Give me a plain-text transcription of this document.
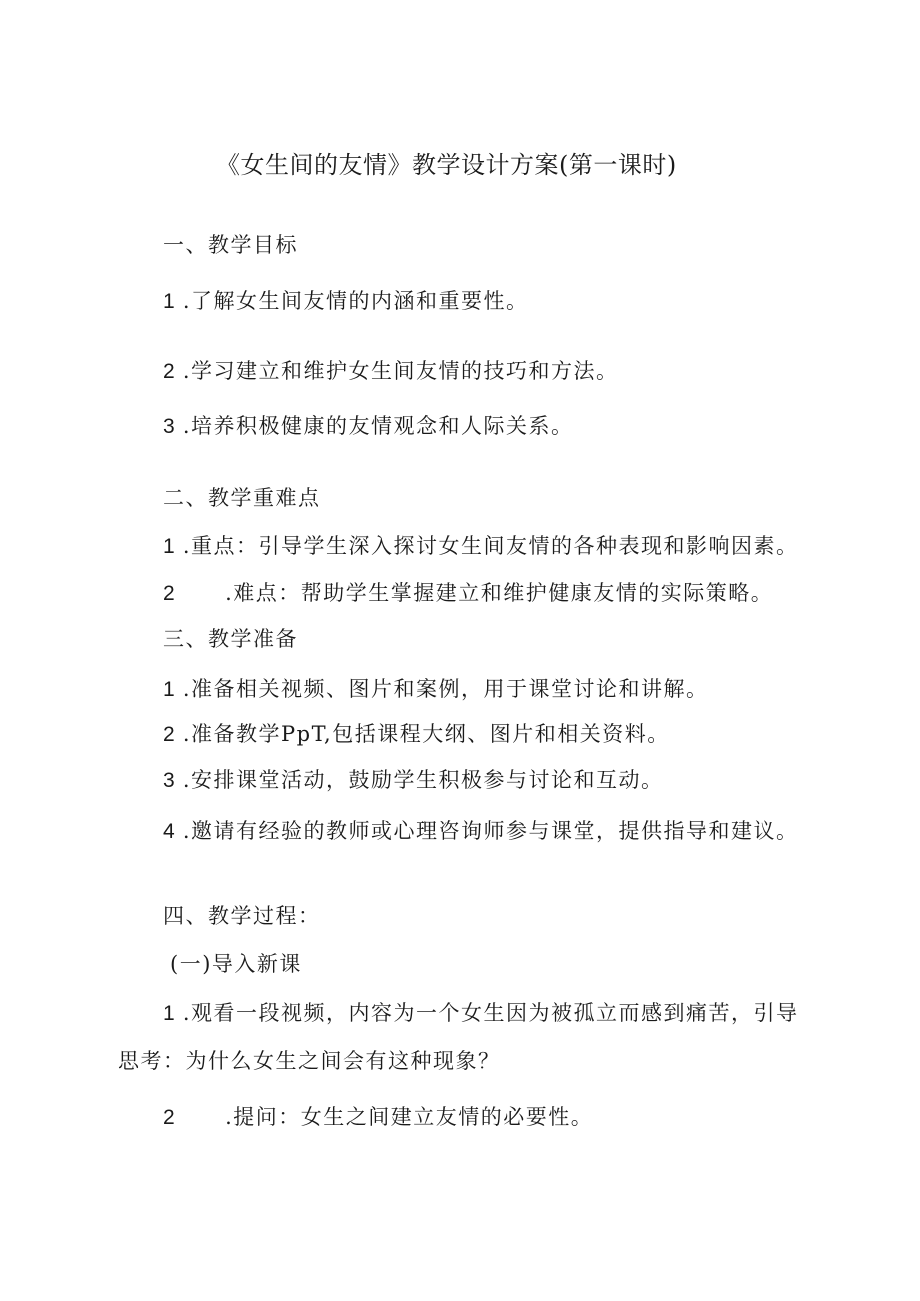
《女生间的友情》教学设计方案(第一课时)
一、教学目标
1 .了解女生间友情的内涵和重要性。
2 .学习建立和维护女生间友情的技巧和方法。
3 .培养积极健康的友情观念和人际关系。
二、教学重难点
1 .重点：引导学生深入探讨女生间友情的各种表现和影响因素。
2 .难点：帮助学生掌握建立和维护健康友情的实际策略。
三、教学准备
1 .准备相关视频、图片和案例，用于课堂讨论和讲解。
2 .准备教学PpT,包括课程大纲、图片和相关资料。
3 .安排课堂活动，鼓励学生积极参与讨论和互动。
4 .邀请有经验的教师或心理咨询师参与课堂，提供指导和建议。
四、教学过程：
(一)导入新课
1 .观看一段视频，内容为一个女生因为被孤立而感到痛苦，引导
思考：为什么女生之间会有这种现象？
2 .提问：女生之间建立友情的必要性。
